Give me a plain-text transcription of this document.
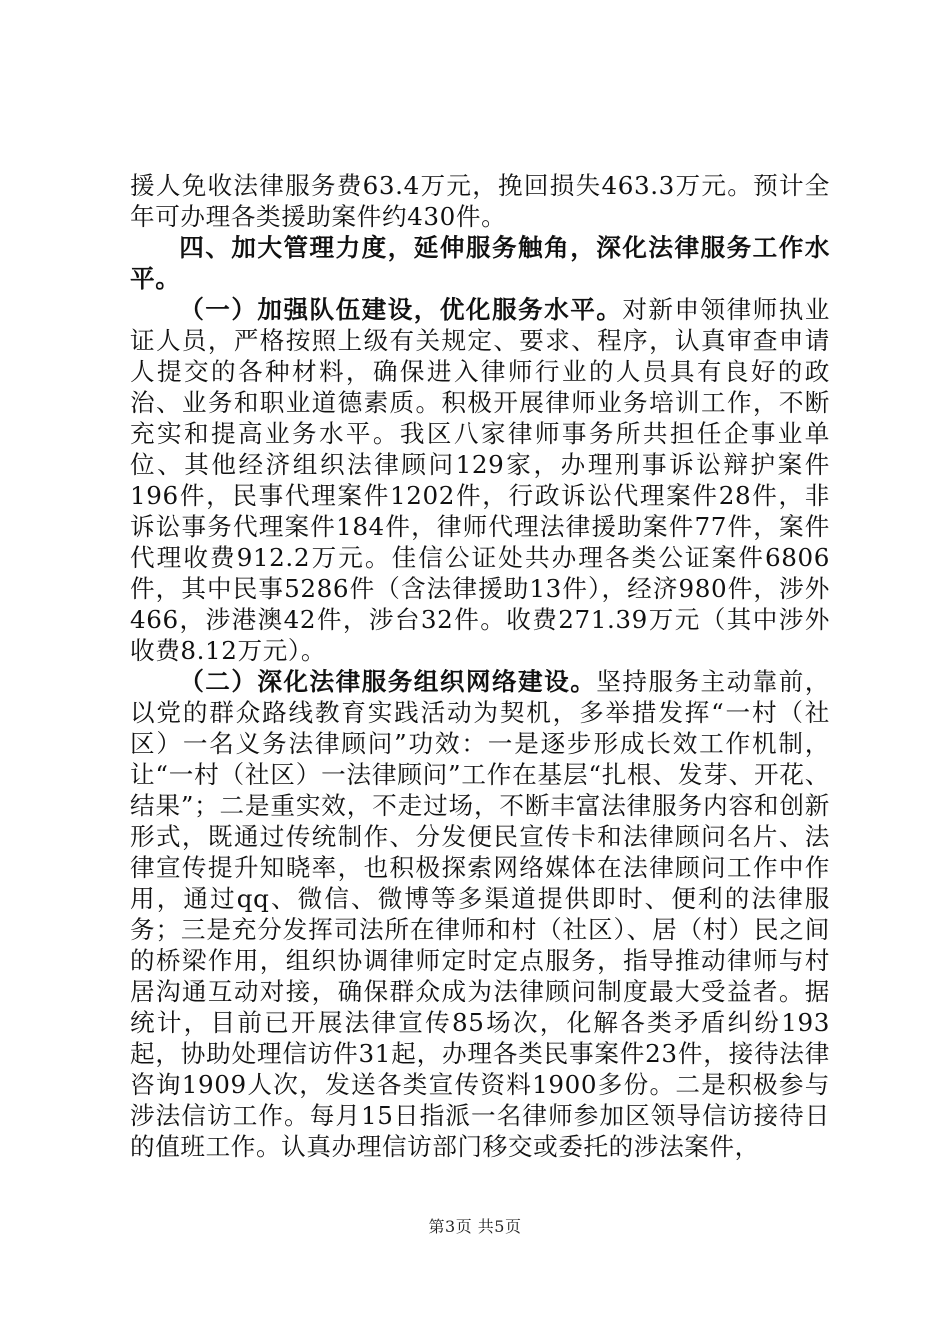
援人免收法律服务费63.4万元，挽回损失463.3万元。预计全年可办理各类援助案件约430件。

四、加大管理力度，延伸服务触角，深化法律服务工作水平。

（一）加强队伍建设，优化服务水平。对新申领律师执业证人员，严格按照上级有关规定、要求、程序，认真审查申请人提交的各种材料，确保进入律师行业的人员具有良好的政治、业务和职业道德素质。积极开展律师业务培训工作，不断充实和提高业务水平。我区八家律师事务所共担任企事业单位、其他经济组织法律顾问129家，办理刑事诉讼辩护案件196件，民事代理案件1202件，行政诉讼代理案件28件，非诉讼事务代理案件184件，律师代理法律援助案件77件，案件代理收费912.2万元。佳信公证处共办理各类公证案件6806件，其中民事5286件（含法律援助13件），经济980件，涉外466，涉港澳42件，涉台32件。收费271.39万元（其中涉外收费8.12万元）。

（二）深化法律服务组织网络建设。坚持服务主动靠前，以党的群众路线教育实践活动为契机，多举措发挥“一村（社区）一名义务法律顾问”功效：一是逐步形成长效工作机制，让“一村（社区）一法律顾问”工作在基层“扎根、发芽、开花、结果”；二是重实效，不走过场，不断丰富法律服务内容和创新形式，既通过传统制作、分发便民宣传卡和法律顾问名片、法律宣传提升知晓率，也积极探索网络媒体在法律顾问工作中作用，通过qq、微信、微博等多渠道提供即时、便利的法律服务；三是充分发挥司法所在律师和村（社区）、居（村）民之间的桥梁作用，组织协调律师定时定点服务，指导推动律师与村居沟通互动对接，确保群众成为法律顾问制度最大受益者。据统计，目前已开展法律宣传85场次，化解各类矛盾纠纷193起，协助处理信访件31起，办理各类民事案件23件，接待法律咨询1909人次，发送各类宣传资料1900多份。二是积极参与涉法信访工作。每月15日指派一名律师参加区领导信访接待日的值班工作。认真办理信访部门移交或委托的涉法案件，

第3页 共5页
